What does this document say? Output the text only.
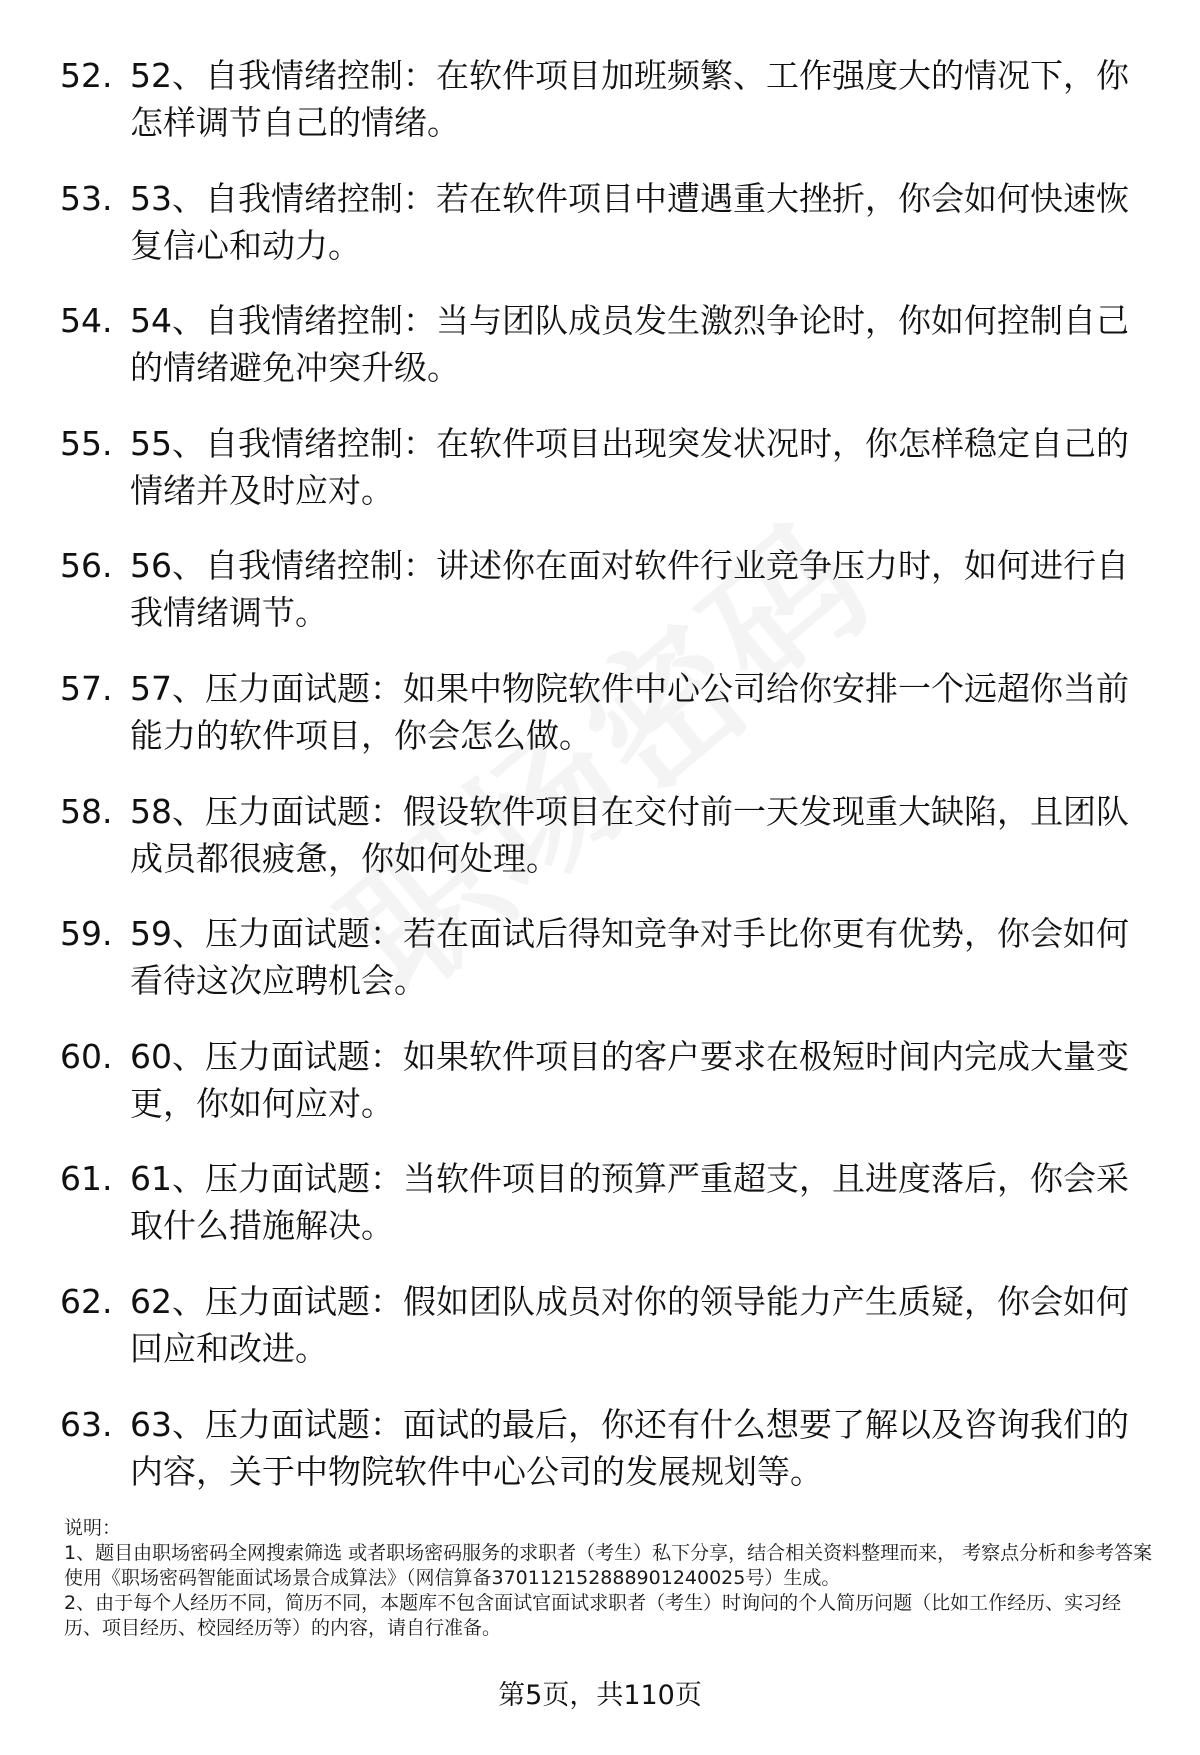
52. 52、自我情绪控制：在软件项目加班频繁、工作强度大的情况下，你怎样调节自己的情绪。
53. 53、自我情绪控制：若在软件项目中遭遇重大挫折，你会如何快速恢复信心和动力。
54. 54、自我情绪控制：当与团队成员发生激烈争论时，你如何控制自己的情绪避免冲突升级。
55. 55、自我情绪控制：在软件项目出现突发状况时，你怎样稳定自己的情绪并及时应对。
56. 56、自我情绪控制：讲述你在面对软件行业竞争压力时，如何进行自我情绪调节。
57. 57、压力面试题：如果中物院软件中心公司给你安排一个远超你当前能力的软件项目，你会怎么做。
58. 58、压力面试题：假设软件项目在交付前一天发现重大缺陷，且团队成员都很疲惫，你如何处理。
59. 59、压力面试题：若在面试后得知竞争对手比你更有优势，你会如何看待这次应聘机会。
60. 60、压力面试题：如果软件项目的客户要求在极短时间内完成大量变更，你如何应对。
61. 61、压力面试题：当软件项目的预算严重超支，且进度落后，你会采取什么措施解决。
62. 62、压力面试题：假如团队成员对你的领导能力产生质疑，你会如何回应和改进。
63. 63、压力面试题：面试的最后，你还有什么想要了解以及咨询我们的内容，关于中物院软件中心公司的发展规划等。

说明：

1、题目由职场密码全网搜索筛选 或者职场密码服务的求职者（考生）私下分享，结合相关资料整理而来， 考察点分析和参考答案使用《职场密码智能面试场景合成算法》（网信算备370112152888901240025号）生成。

2、由于每个人经历不同，简历不同，本题库不包含面试官面试求职者（考生）时询问的个人简历问题（比如工作经历、实习经历、项目经历、校园经历等）的内容，请自行准备。

第5页，共110页
